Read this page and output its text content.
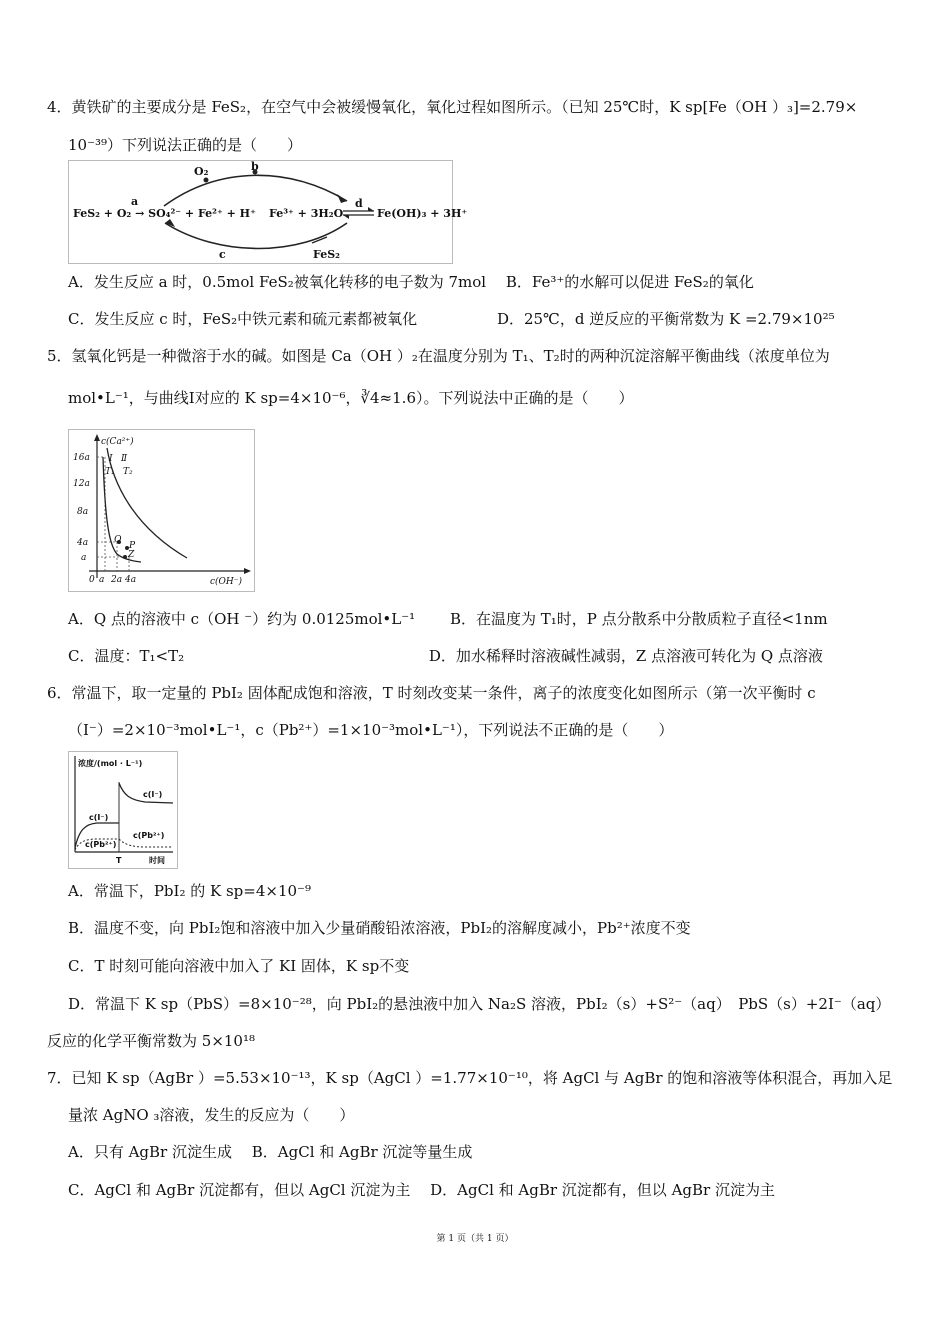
4．黄铁矿的主要成分是 FeS₂，在空气中会被缓慢氧化，氧化过程如图所示。（已知 25℃时，K sp[Fe（OH ）₃]=2.79×
10⁻³⁹）下列说法正确的是（　　）
O₂	b
a
FeS₂ + O₂ → SO₄²⁻ + Fe²⁺ + H⁺ Fe³⁺ + 3H₂O
d
Fe(OH)₃ + 3H⁺
c	FeS₂
A．发生反应 a 时，0.5mol FeS₂被氧化转移的电子数为 7mol　 B．Fe³⁺的水解可以促进 FeS₂的氧化
C．发生反应 c 时，FeS₂中铁元素和硫元素都被氧化　　　　　 D．25℃，d 逆反应的平衡常数为 K =2.79×10²⁵
5．氢氧化钙是一种微溶于水的碱。如图是 Ca（OH ）₂在温度分别为 T₁、T₂时的两种沉淀溶解平衡曲线（浓度单位为
mol•L⁻¹，与曲线Ⅰ对应的 K sp=4×10⁻⁶，∛4≈1.6）。下列说法中正确的是（　　）
c(Ca²⁺)
c(OH⁻)
16a
12a
8a
4a
a
0 a 2a 4a
Ⅰ Ⅱ
T₁ T₂
Q
P
Z
A．Q 点的溶液中 c（OH ⁻）约为 0.0125mol•L⁻¹　　 B．在温度为 T₁时，P 点分散系中分散质粒子直径<1nm
C．温度：T₁<T₂　　　　　　　　　　　　　　　　 D．加水稀释时溶液碱性减弱，Z 点溶液可转化为 Q 点溶液
6．常温下，取一定量的 PbI₂ 固体配成饱和溶液，T 时刻改变某一条件，离子的浓度变化如图所示（第一次平衡时 c
（I⁻）=2×10⁻³mol•L⁻¹，c（Pb²⁺）=1×10⁻³mol•L⁻¹），下列说法不正确的是（　　）
浓度/(mol · L⁻¹)
时间
T
c(I⁻)
c(I⁻)
c(Pb²⁺)
c(Pb²⁺)
A．常温下，PbI₂ 的 K sp=4×10⁻⁹
B．温度不变，向 PbI₂饱和溶液中加入少量硝酸铅浓溶液，PbI₂的溶解度减小，Pb²⁺浓度不变
C．T 时刻可能向溶液中加入了 KI 固体，K sp不变
D．常温下 K sp（PbS）=8×10⁻²⁸，向 PbI₂的悬浊液中加入 Na₂S 溶液，PbI₂（s）+S²⁻（aq）　PbS（s）+2I⁻（aq）
反应的化学平衡常数为 5×10¹⁸
7．已知 K sp（AgBr ）=5.53×10⁻¹³，K sp（AgCl ）=1.77×10⁻¹⁰，将 AgCl 与 AgBr 的饱和溶液等体积混合，再加入足
量浓 AgNO ₃溶液，发生的反应为（　　）
A．只有 AgBr 沉淀生成　 B．AgCl 和 AgBr 沉淀等量生成
C．AgCl 和 AgBr 沉淀都有，但以 AgCl 沉淀为主　 D．AgCl 和 AgBr 沉淀都有，但以 AgBr 沉淀为主
第 1 页（共 1 页）
